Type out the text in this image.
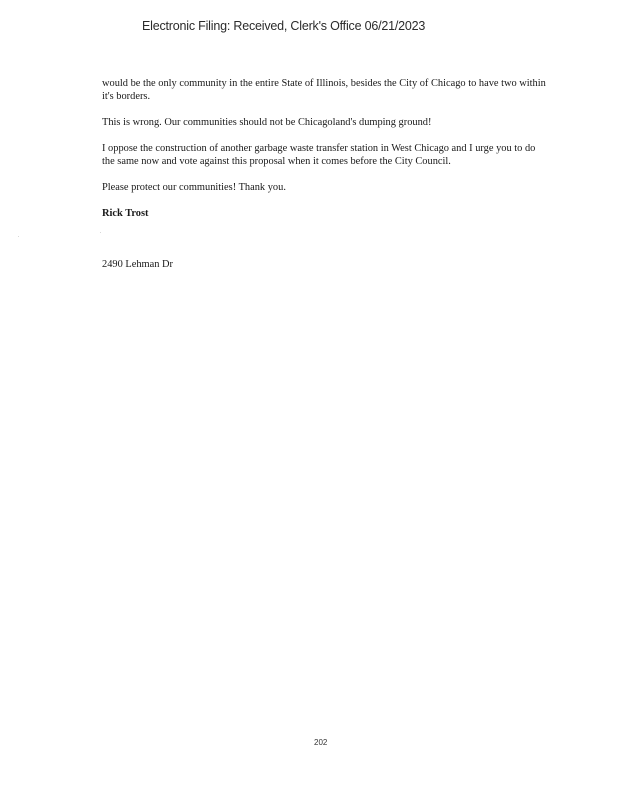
Electronic Filing: Received, Clerk's Office 06/21/2023

would be the only community in the entire State of Illinois, besides the City of Chicago to have two within it's borders.

This is wrong. Our communities should not be Chicagoland's dumping ground!

I oppose the construction of another garbage waste transfer station in West Chicago and I urge you to do the same now and vote against this proposal when it comes before the City Council.

Please protect our communities! Thank you.

Rick Trost

2490 Lehman Dr

202
